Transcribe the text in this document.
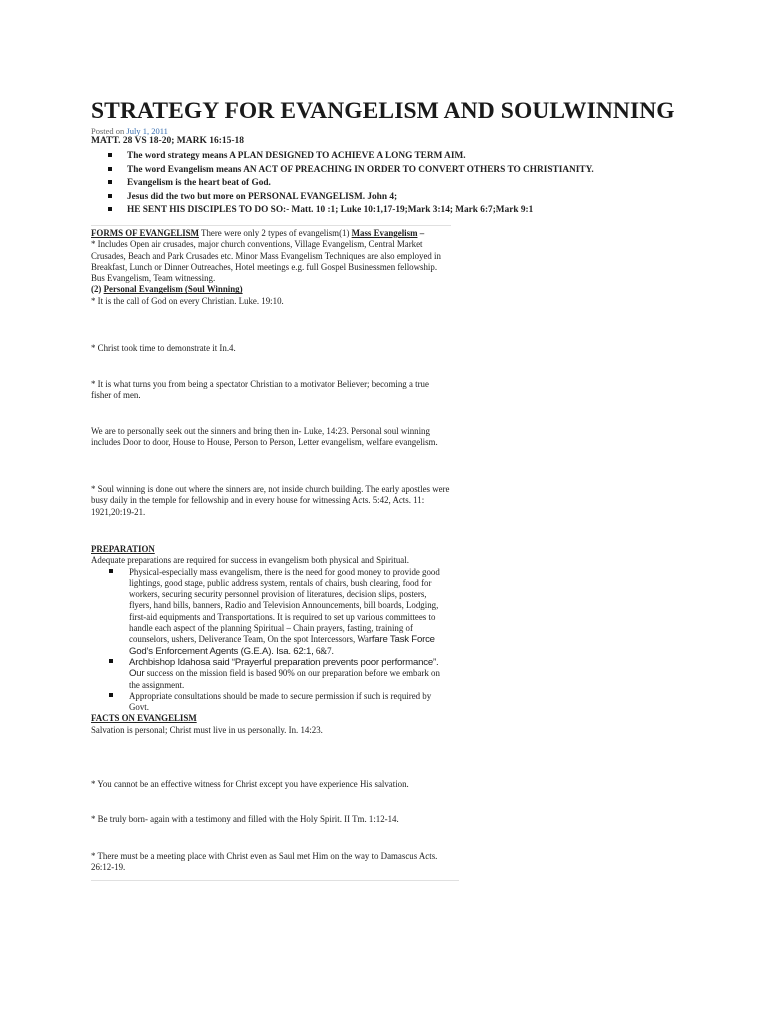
STRATEGY FOR EVANGELISM AND SOULWINNING
Posted on July 1, 2011
MATT. 28 VS 18-20; MARK 16:15-18
The word strategy means A PLAN DESIGNED TO ACHIEVE A LONG TERM AIM.
The word Evangelism means AN ACT OF PREACHING IN ORDER TO CONVERT OTHERS TO CHRISTIANITY.
Evangelism is the heart beat of God.
Jesus did the two but more on PERSONAL EVANGELISM. John 4;
HE SENT HIS DISCIPLES TO DO SO:- Matt. 10 :1; Luke 10:1,17-19;Mark 3:14; Mark 6:7;Mark 9:1
FORMS OF EVANGELISM There were only 2 types of evangelism(1) Mass Evangelism –
* Includes Open air crusades, major church conventions, Village Evangelism, Central Market Crusades, Beach and Park Crusades etc. Minor Mass Evangelism Techniques are also employed in Breakfast, Lunch or Dinner Outreaches, Hotel meetings e.g. full Gospel Businessmen fellowship. Bus Evangelism, Team witnessing.
(2) Personal Evangelism (Soul Winning)
* It is the call of God on every Christian. Luke. 19:10.
* Christ took time to demonstrate it In.4.
* It is what turns you from being a spectator Christian to a motivator Believer; becoming a true fisher of men.
We are to personally seek out the sinners and bring then in- Luke, 14:23. Personal soul winning includes Door to door, House to House, Person to Person, Letter evangelism, welfare evangelism.
* Soul winning is done out where the sinners are, not inside church building. The early apostles were busy daily in the temple for fellowship and in every house for witnessing Acts. 5:42, Acts. 11: 1921,20:19-21.
PREPARATION
Adequate preparations are required for success in evangelism both physical and Spiritual.
Physical-especially mass evangelism, there is the need for good money to provide good lightings, good stage, public address system, rentals of chairs, bush clearing, food for workers, securing security personnel provision of literatures, decision slips, posters, flyers, hand bills, banners, Radio and Television Announcements, bill boards, Lodging, first-aid equipments and Transportations. It is required to set up various committees to handle each aspect of the planning Spiritual – Chain prayers, fasting, training of counselors, ushers, Deliverance Team, On the spot Intercessors, Warfare Task Force God’s Enforcement Agents (G.E.A). Isa. 62:1, 6&7.
Archbishop Idahosa said “Prayerful preparation prevents poor performance”. Our success on the mission field is based 90% on our preparation before we embark on the assignment.
Appropriate consultations should be made to secure permission if such is required by Govt.
FACTS ON EVANGELISM
Salvation is personal; Christ must live in us personally. In. 14:23.
* You cannot be an effective witness for Christ except you have experience His salvation.
* Be truly born- again with a testimony and filled with the Holy Spirit. II Tm. 1:12-14.
* There must be a meeting place with Christ even as Saul met Him on the way to Damascus Acts. 26:12-19.
